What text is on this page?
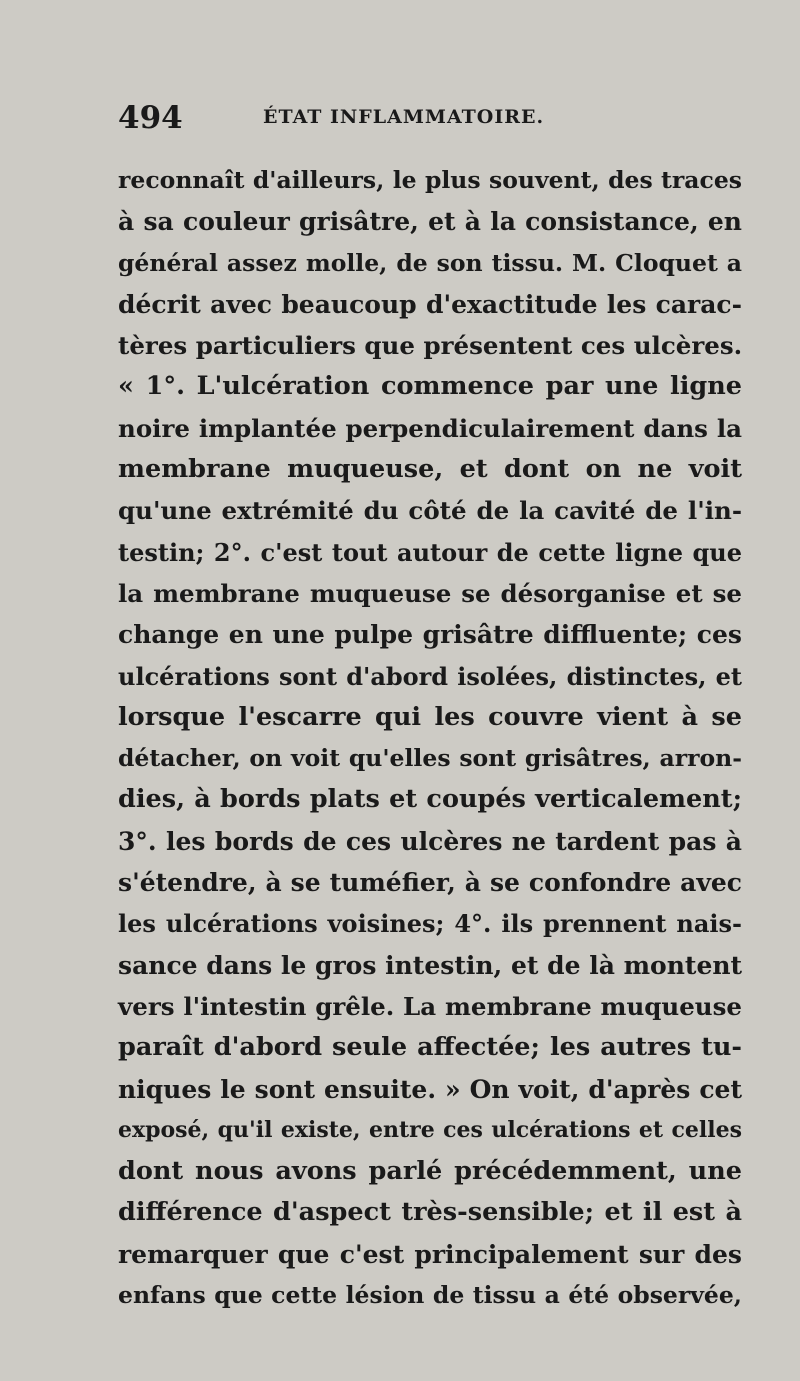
494	ÉTAT INFLAMMATOIRE.
reconnaît d'ailleurs, le plus souvent, des traces
à sa couleur grisâtre, et à la consistance, en
général assez molle, de son tissu. M. Cloquet a
décrit avec beaucoup d'exactitude les carac-
tères particuliers que présentent ces ulcères.
« 1°. L'ulcération commence par une ligne
noire implantée perpendiculairement dans la
membrane muqueuse, et dont on ne voit
qu'une extrémité du côté de la cavité de l'in-
testin; 2°. c'est tout autour de cette ligne que
la membrane muqueuse se désorganise et se
change en une pulpe grisâtre diffluente; ces
ulcérations sont d'abord isolées, distinctes, et
lorsque l'escarre qui les couvre vient à se
détacher, on voit qu'elles sont grisâtres, arron-
dies, à bords plats et coupés verticalement;
3°. les bords de ces ulcères ne tardent pas à
s'étendre, à se tuméfier, à se confondre avec
les ulcérations voisines; 4°. ils prennent nais-
sance dans le gros intestin, et de là montent
vers l'intestin grêle. La membrane muqueuse
paraît d'abord seule affectée; les autres tu-
niques le sont ensuite. » On voit, d'après cet
exposé, qu'il existe, entre ces ulcérations et celles
dont nous avons parlé précédemment, une
différence d'aspect très-sensible; et il est à
remarquer que c'est principalement sur des
enfans que cette lésion de tissu a été observée,
